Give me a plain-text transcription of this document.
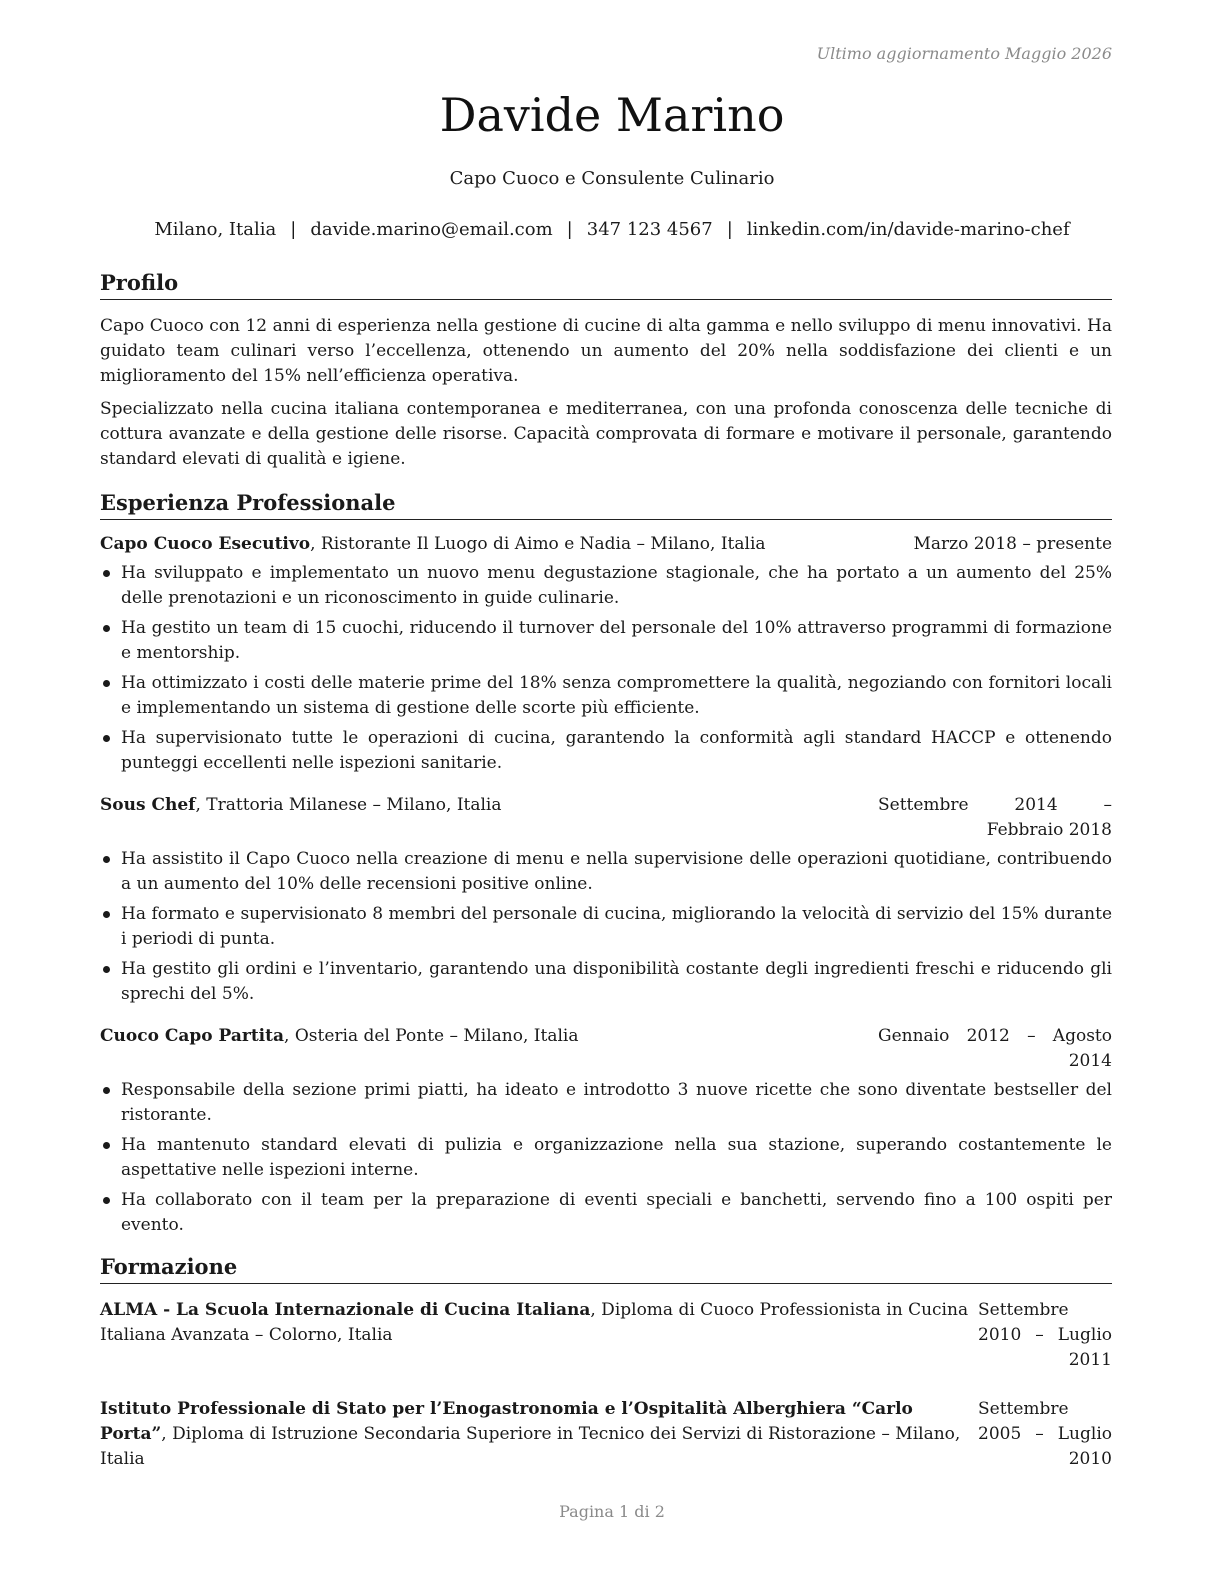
Ultimo aggiornamento Maggio 2026
Davide Marino
Capo Cuoco e Consulente Culinario
Milano, Italia | davide.marino@email.com | 347 123 4567 | linkedin.com/in/davide-marino-chef
Profilo

Capo Cuoco con 12 anni di esperienza nella gestione di cucine di alta gamma e nello sviluppo di menu innovativi. Ha guidato team culinari verso l’eccellenza, ottenendo un aumento del 20% nella soddisfazione dei clienti e un miglioramento del 15% nell’efficienza operativa.

Specializzato nella cucina italiana contemporanea e mediterranea, con una profonda conoscenza delle tecniche di cottura avanzate e della gestione delle risorse. Capacità comprovata di formare e motivare il personale, garantendo standard elevati di qualità e igiene.

Esperienza Professionale
Capo Cuoco Esecutivo, Ristorante Il Luogo di Aimo e Nadia – Milano, Italia	Marzo 2018 – presente
Ha sviluppato e implementato un nuovo menu degustazione stagionale, che ha portato a un aumento del 25% delle prenotazioni e un riconoscimento in guide culinarie.
Ha gestito un team di 15 cuochi, riducendo il turnover del personale del 10% attraverso programmi di formazione e mentorship.
Ha ottimizzato i costi delle materie prime del 18% senza compromettere la qualità, negoziando con fornitori locali e implementando un sistema di gestione delle scorte più efficiente.
Ha supervisionato tutte le operazioni di cucina, garantendo la conformità agli standard HACCP e ottenendo punteggi eccellenti nelle ispezioni sanitarie.
Sous Chef, Trattoria Milanese – Milano, Italia	Settembre 2014 – Febbraio 2018
Ha assistito il Capo Cuoco nella creazione di menu e nella supervisione delle operazioni quotidiane, contribuendo a un aumento del 10% delle recensioni positive online.
Ha formato e supervisionato 8 membri del personale di cucina, migliorando la velocità di servizio del 15% durante i periodi di punta.
Ha gestito gli ordini e l’inventario, garantendo una disponibilità costante degli ingredienti freschi e riducendo gli sprechi del 5%.
Cuoco Capo Partita, Osteria del Ponte – Milano, Italia	Gennaio 2012 – Agosto 2014
Responsabile della sezione primi piatti, ha ideato e introdotto 3 nuove ricette che sono diventate bestseller del ristorante.
Ha mantenuto standard elevati di pulizia e organizzazione nella sua stazione, superando costantemente le aspettative nelle ispezioni interne.
Ha collaborato con il team per la preparazione di eventi speciali e banchetti, servendo fino a 100 ospiti per evento.
Formazione
ALMA - La Scuola Internazionale di Cucina Italiana, Diploma di Cuoco Professionista in Cucina Italiana Avanzata – Colorno, Italia
Settembre 2010 – Luglio 2011
Istituto Professionale di Stato per l’Enogastronomia e l’Ospitalità Alberghiera “Carlo Porta”, Diploma di Istruzione Secondaria Superiore in Tecnico dei Servizi di Ristorazione – Milano, Italia
Settembre 2005 – Luglio 2010
Pagina 1 di 2
